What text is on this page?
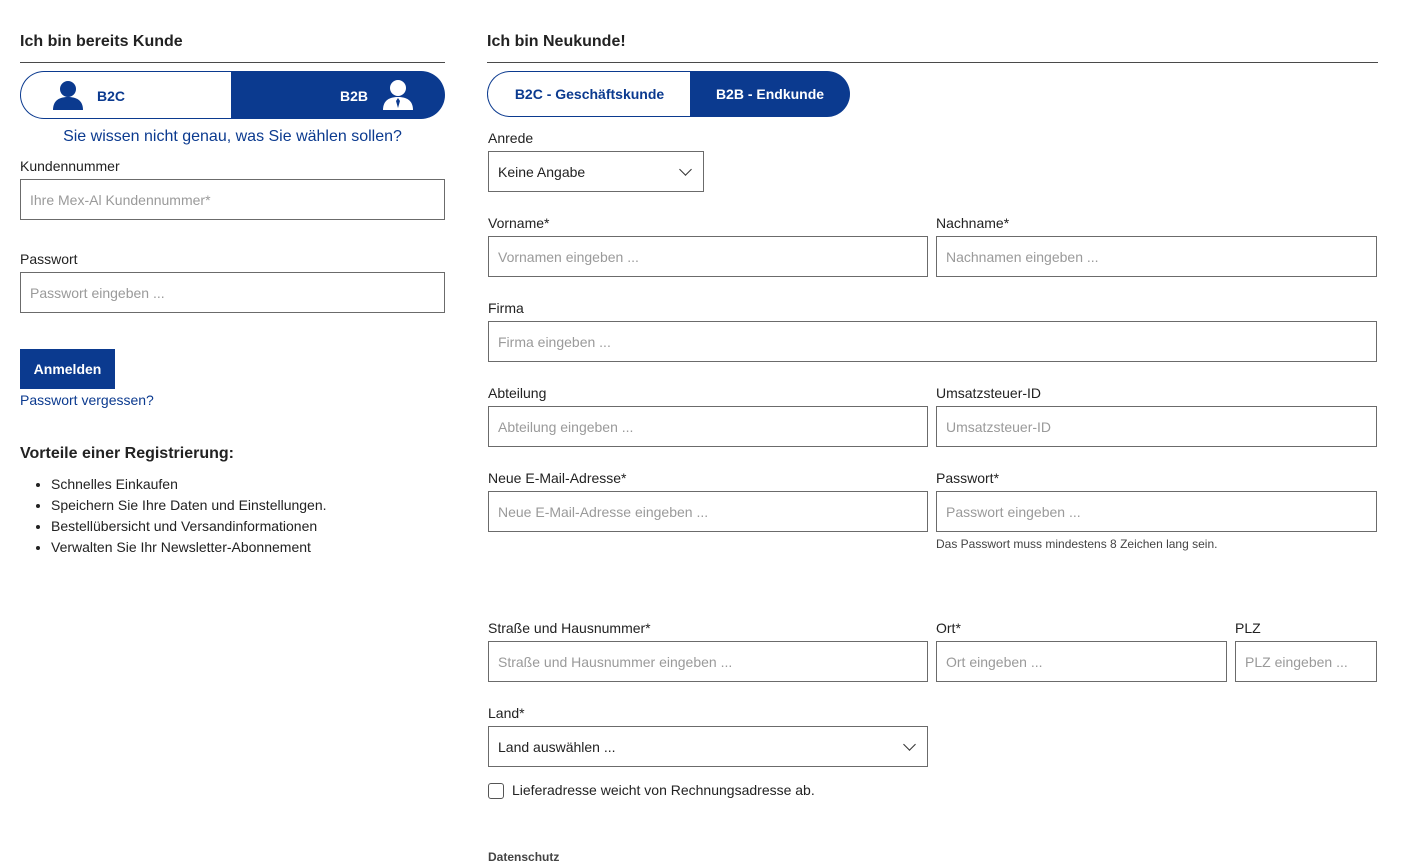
Ich bin bereits Kunde
B2C	B2B
Sie wissen nicht genau, was Sie wählen sollen?
Kundennummer
Ihre Mex-Al Kundennummer*
Passwort
Passwort eingeben ...
Anmelden
Passwort vergessen?
Vorteile einer Registrierung:
• Schnelles Einkaufen
• Speichern Sie Ihre Daten und Einstellungen.
• Bestellübersicht und Versandinformationen
• Verwalten Sie Ihr Newsletter-Abonnement
Ich bin Neukunde!
B2C - Geschäftskunde	B2B - Endkunde
Anrede
Keine Angabe
Vorname*
Vornamen eingeben ...
Nachname*
Nachnamen eingeben ...
Firma
Firma eingeben ...
Abteilung
Abteilung eingeben ...
Umsatzsteuer-ID
Umsatzsteuer-ID
Neue E-Mail-Adresse*
Neue E-Mail-Adresse eingeben ...
Passwort*
Passwort eingeben ...
Das Passwort muss mindestens 8 Zeichen lang sein.
Straße und Hausnummer*
Straße und Hausnummer eingeben ...
Ort*
Ort eingeben ...
PLZ
PLZ eingeben ...
Land*
Land auswählen ...
Lieferadresse weicht von Rechnungsadresse ab.
Datenschutz
